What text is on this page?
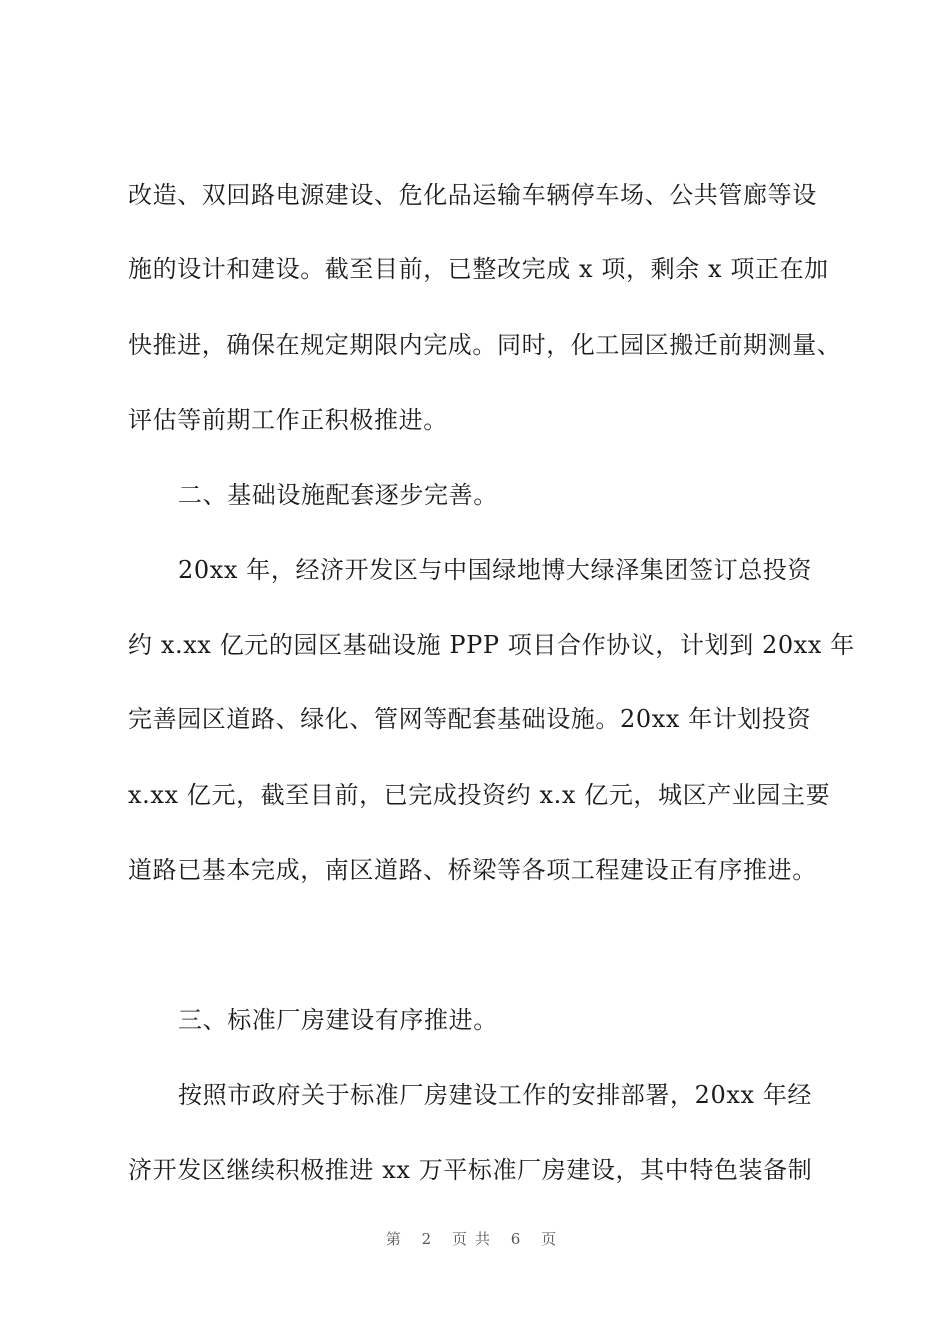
改造、双回路电源建设、危化品运输车辆停车场、公共管廊等设
施的设计和建设。截至目前，已整改完成 x 项，剩余 x 项正在加
快推进，确保在规定期限内完成。同时，化工园区搬迁前期测量、
评估等前期工作正积极推进。
二、基础设施配套逐步完善。
20xx 年，经济开发区与中国绿地博大绿泽集团签订总投资
约 x.xx 亿元的园区基础设施 PPP 项目合作协议，计划到 20xx 年
完善园区道路、绿化、管网等配套基础设施。20xx 年计划投资
x.xx 亿元，截至目前，已完成投资约 x.x 亿元，城区产业园主要
道路已基本完成，南区道路、桥梁等各项工程建设正有序推进。
三、标准厂房建设有序推进。
按照市政府关于标准厂房建设工作的安排部署，20xx 年经
济开发区继续积极推进 xx 万平标准厂房建设，其中特色装备制
第 2 页共 6 页
